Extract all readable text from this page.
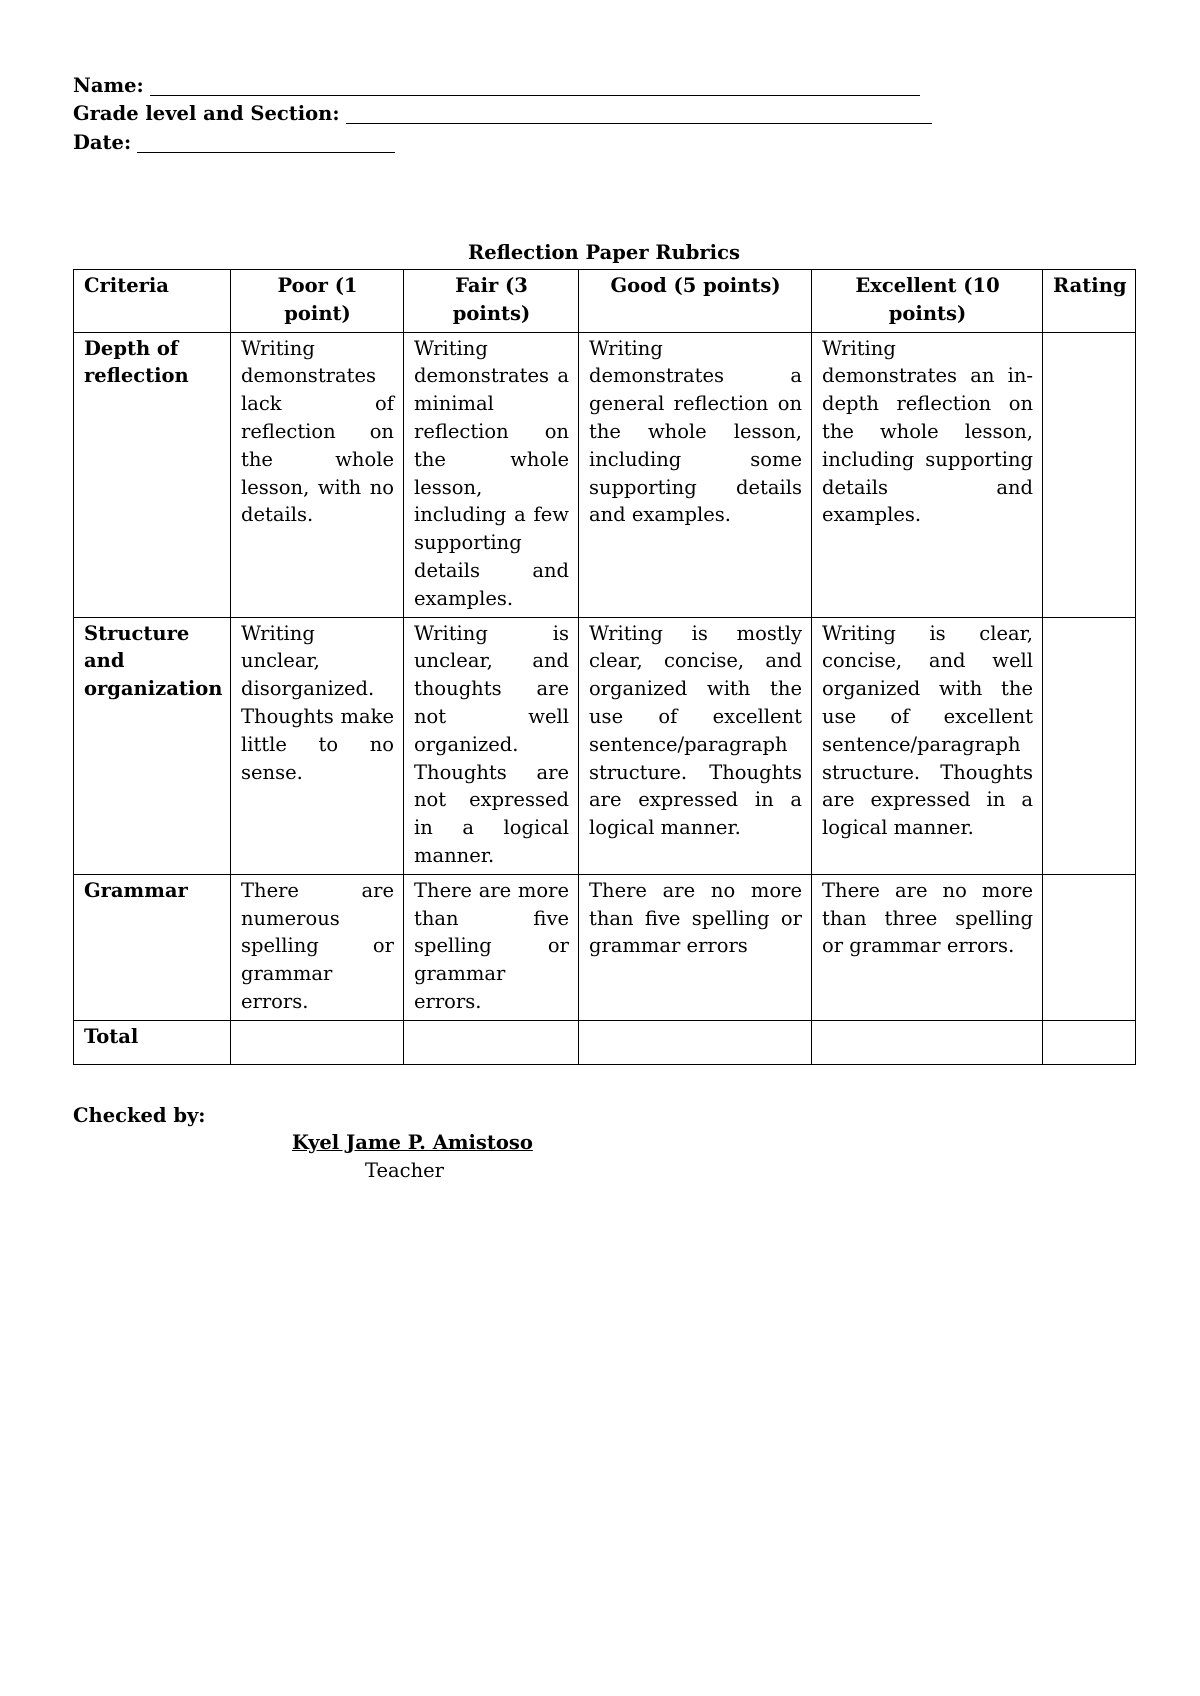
Name:
Grade level and Section:
Date:
Reflection Paper Rubrics
Criteria	Poor (1 point)	Fair (3 points)	Good (5 points)	Excellent (10 points)	Rating
Depth of reflection	Writing demonstrates lack of reflection on the whole lesson, with no details.	Writing demonstrates a minimal reflection on the whole lesson, including a few supporting details and examples.	Writing demonstrates a general reflection on the whole lesson, including some supporting details and examples.	Writing demonstrates an in-depth reflection on the whole lesson, including supporting details and examples.	
Structure and organization	Writing unclear, disorganized. Thoughts make little to no sense.	Writing is unclear, and thoughts are not well organized. Thoughts are not expressed in a logical manner.	Writing is mostly clear, concise, and organized with the use of excellent sentence/paragraph structure. Thoughts are expressed in a logical manner.	Writing is clear, concise, and well organized with the use of excellent sentence/paragraph structure. Thoughts are expressed in a logical manner.	
Grammar	There are numerous spelling or grammar errors.	There are more than five spelling or grammar errors.	There are no more than five spelling or grammar errors	There are no more than three spelling or grammar errors.	
Total					
Checked by:
Kyel Jame P. Amistoso
Teacher
